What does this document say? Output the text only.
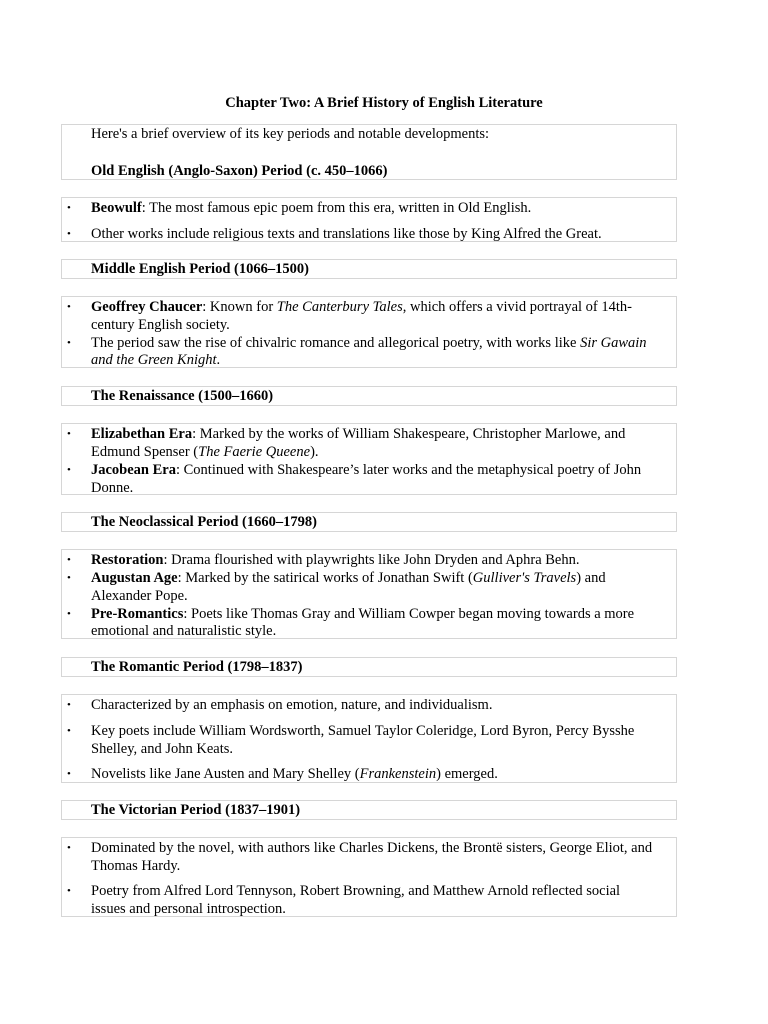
Chapter Two: A Brief History of English Literature
Here's a brief overview of its key periods and notable developments:
Old English (Anglo-Saxon) Period (c. 450–1066)
• Beowulf: The most famous epic poem from this era, written in Old English.
• Other works include religious texts and translations like those by King Alfred the Great.
Middle English Period (1066–1500)
• Geoffrey Chaucer: Known for The Canterbury Tales, which offers a vivid portrayal of 14th-
century English society.
• The period saw the rise of chivalric romance and allegorical poetry, with works like Sir Gawain
and the Green Knight.
The Renaissance (1500–1660)
• Elizabethan Era: Marked by the works of William Shakespeare, Christopher Marlowe, and
Edmund Spenser (The Faerie Queene).
• Jacobean Era: Continued with Shakespeare’s later works and the metaphysical poetry of John
Donne.
The Neoclassical Period (1660–1798)
• Restoration: Drama flourished with playwrights like John Dryden and Aphra Behn.
• Augustan Age: Marked by the satirical works of Jonathan Swift (Gulliver's Travels) and
Alexander Pope.
• Pre-Romantics: Poets like Thomas Gray and William Cowper began moving towards a more
emotional and naturalistic style.
The Romantic Period (1798–1837)
• Characterized by an emphasis on emotion, nature, and individualism.
• Key poets include William Wordsworth, Samuel Taylor Coleridge, Lord Byron, Percy Bysshe
Shelley, and John Keats.
• Novelists like Jane Austen and Mary Shelley (Frankenstein) emerged.
The Victorian Period (1837–1901)
• Dominated by the novel, with authors like Charles Dickens, the Brontë sisters, George Eliot, and
Thomas Hardy.
• Poetry from Alfred Lord Tennyson, Robert Browning, and Matthew Arnold reflected social
issues and personal introspection.
